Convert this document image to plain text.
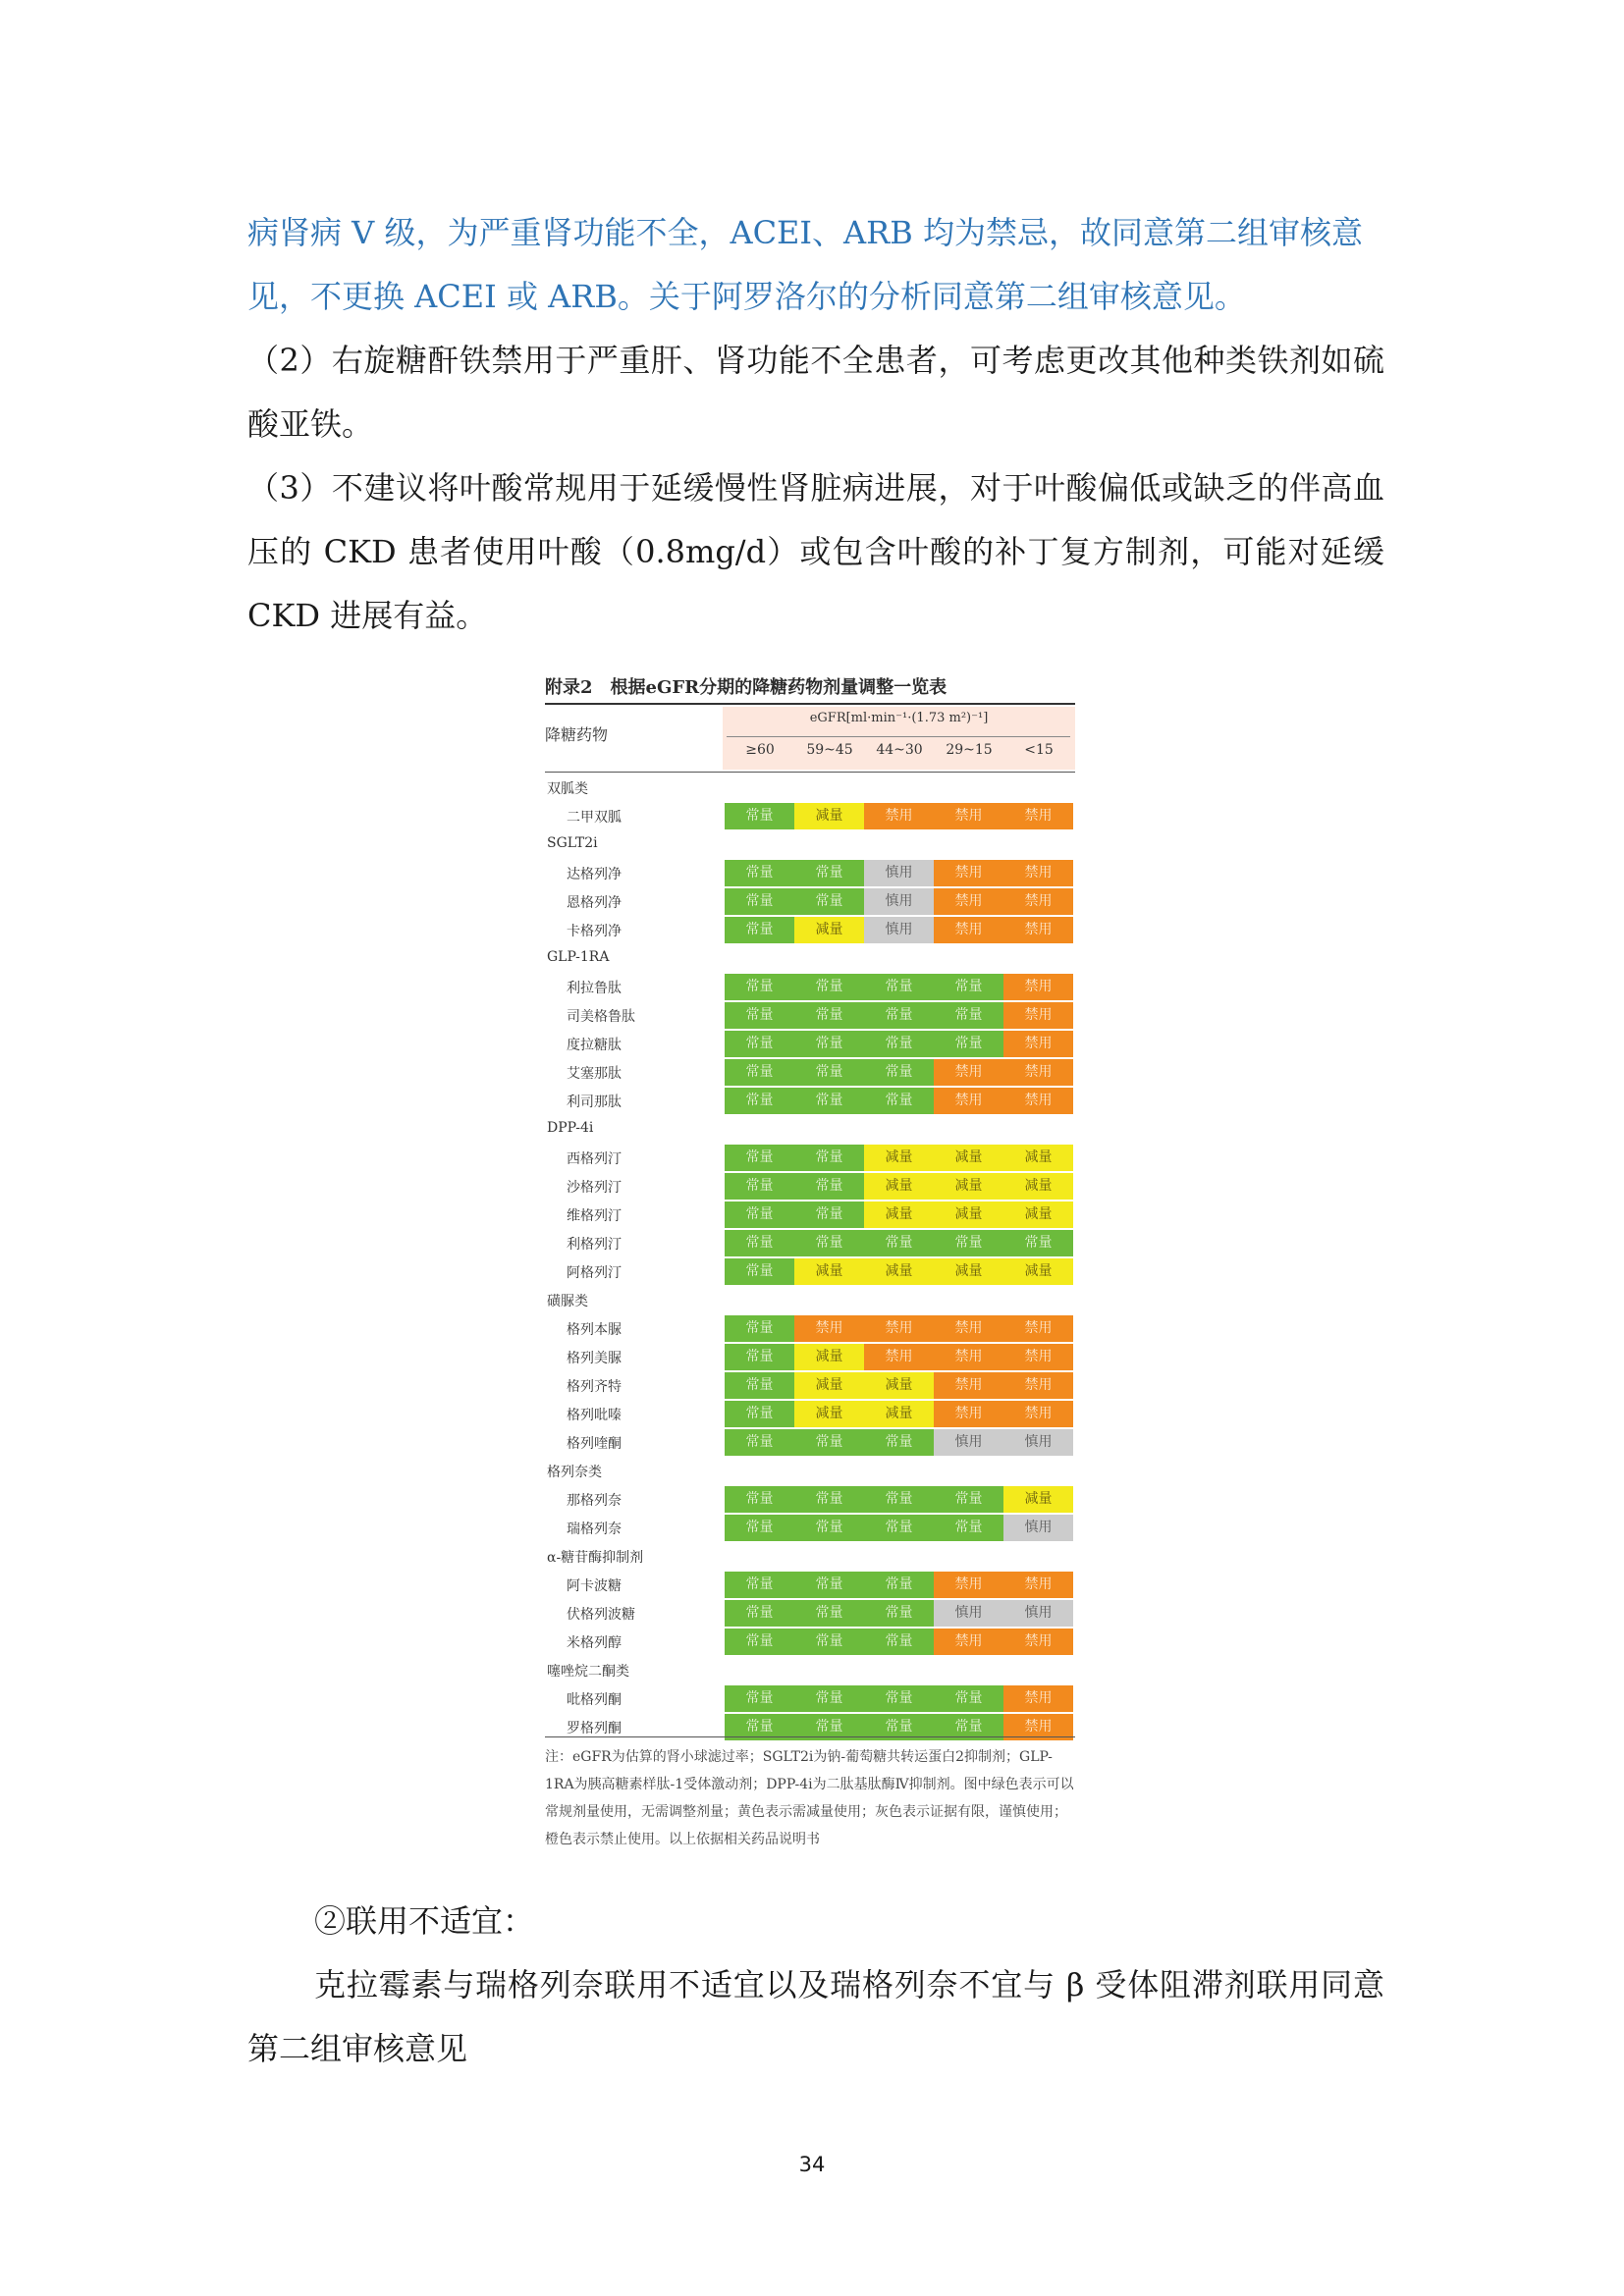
病肾病 V 级，为严重肾功能不全，ACEI、ARB 均为禁忌，故同意第二组审核意

见，不更换 ACEI 或 ARB。关于阿罗洛尔的分析同意第二组审核意见。

（2）右旋糖酐铁禁用于严重肝、肾功能不全患者，可考虑更改其他种类铁剂如硫酸亚铁。

（3）不建议将叶酸常规用于延缓慢性肾脏病进展，对于叶酸偏低或缺乏的伴高血压的 CKD 患者使用叶酸（0.8mg/d）或包含叶酸的补丁复方制剂，可能对延缓 CKD 进展有益。

附录2　根据eGFR分期的降糖药物剂量调整一览表
降糖药物
eGFR[ml·min⁻¹·(1.73 m²)⁻¹]
≥60	59~45	44~30	29~15	<15
双胍类
二甲双胍	常量	减量	禁用	禁用	禁用
SGLT2i
达格列净	常量	常量	慎用	禁用	禁用
恩格列净	常量	常量	慎用	禁用	禁用
卡格列净	常量	减量	慎用	禁用	禁用
GLP-1RA
利拉鲁肽	常量	常量	常量	常量	禁用
司美格鲁肽	常量	常量	常量	常量	禁用
度拉糖肽	常量	常量	常量	常量	禁用
艾塞那肽	常量	常量	常量	禁用	禁用
利司那肽	常量	常量	常量	禁用	禁用
DPP-4i
西格列汀	常量	常量	减量	减量	减量
沙格列汀	常量	常量	减量	减量	减量
维格列汀	常量	常量	减量	减量	减量
利格列汀	常量	常量	常量	常量	常量
阿格列汀	常量	减量	减量	减量	减量
磺脲类
格列本脲	常量	禁用	禁用	禁用	禁用
格列美脲	常量	减量	禁用	禁用	禁用
格列齐特	常量	减量	减量	禁用	禁用
格列吡嗪	常量	减量	减量	禁用	禁用
格列喹酮	常量	常量	常量	慎用	慎用
格列奈类
那格列奈	常量	常量	常量	常量	减量
瑞格列奈	常量	常量	常量	常量	慎用
α-糖苷酶抑制剂
阿卡波糖	常量	常量	常量	禁用	禁用
伏格列波糖	常量	常量	常量	慎用	慎用
米格列醇	常量	常量	常量	禁用	禁用
噻唑烷二酮类
吡格列酮	常量	常量	常量	常量	禁用
罗格列酮	常量	常量	常量	常量	禁用
注：eGFR为估算的肾小球滤过率；SGLT2i为钠-葡萄糖共转运蛋白2抑制剂；GLP-1RA为胰高糖素样肽-1受体激动剂；DPP-4i为二肽基肽酶Ⅳ抑制剂。图中绿色表示可以常规剂量使用，无需调整剂量；黄色表示需减量使用；灰色表示证据有限，谨慎使用；橙色表示禁止使用。以上依据相关药品说明书

②联用不适宜：

克拉霉素与瑞格列奈联用不适宜以及瑞格列奈不宜与 β 受体阻滞剂联用同意第二组审核意见

34
